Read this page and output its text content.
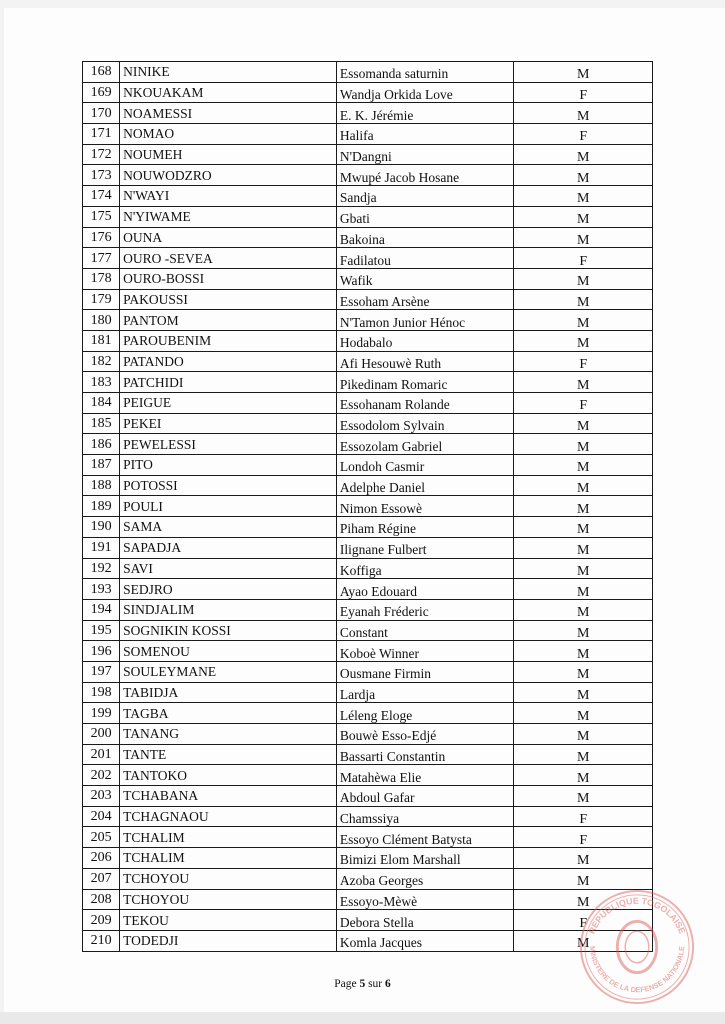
168	NINIKE	Essomanda saturnin	M
169	NKOUAKAM	Wandja Orkida Love	F
170	NOAMESSI	E. K. Jérémie	M
171	NOMAO	Halifa	F
172	NOUMEH	N'Dangni	M
173	NOUWODZRO	Mwupé Jacob Hosane	M
174	N'WAYI	Sandja	M
175	N'YIWAME	Gbati	M
176	OUNA	Bakoina	M
177	OURO -SEVEA	Fadilatou	F
178	OURO-BOSSI	Wafik	M
179	PAKOUSSI	Essoham Arsène	M
180	PANTOM	N'Tamon Junior Hénoc	M
181	PAROUBENIM	Hodabalo	M
182	PATANDO	Afi Hesouwè Ruth	F
183	PATCHIDI	Pikedinam Romaric	M
184	PEIGUE	Essohanam Rolande	F
185	PEKEI	Essodolom Sylvain	M
186	PEWELESSI	Essozolam Gabriel	M
187	PITO	Londoh Casmir	M
188	POTOSSI	Adelphe Daniel	M
189	POULI	Nimon Essowè	M
190	SAMA	Piham Régine	M
191	SAPADJA	Ilignane Fulbert	M
192	SAVI	Koffiga	M
193	SEDJRO	Ayao Edouard	M
194	SINDJALIM	Eyanah Fréderic	M
195	SOGNIKIN KOSSI	Constant	M
196	SOMENOU	Koboè Winner	M
197	SOULEYMANE	Ousmane Firmin	M
198	TABIDJA	Lardja	M
199	TAGBA	Léleng Eloge	M
200	TANANG	Bouwè Esso-Edjé	M
201	TANTE	Bassarti Constantin	M
202	TANTOKO	Matahèwa Elie	M
203	TCHABANA	Abdoul Gafar	M
204	TCHAGNAOU	Chamssiya	F
205	TCHALIM	Essoyo Clément Batysta	F
206	TCHALIM	Bimizi Elom Marshall	M
207	TCHOYOU	Azoba Georges	M
208	TCHOYOU	Essoyo-Mèwè	M
209	TEKOU	Debora Stella	F
210	TODEDJI	Komla Jacques	M
Page 5 sur 6
REPUBLIQUE TOGOLAISE
MINISTERE DE LA DEFENSE NATIONALE
